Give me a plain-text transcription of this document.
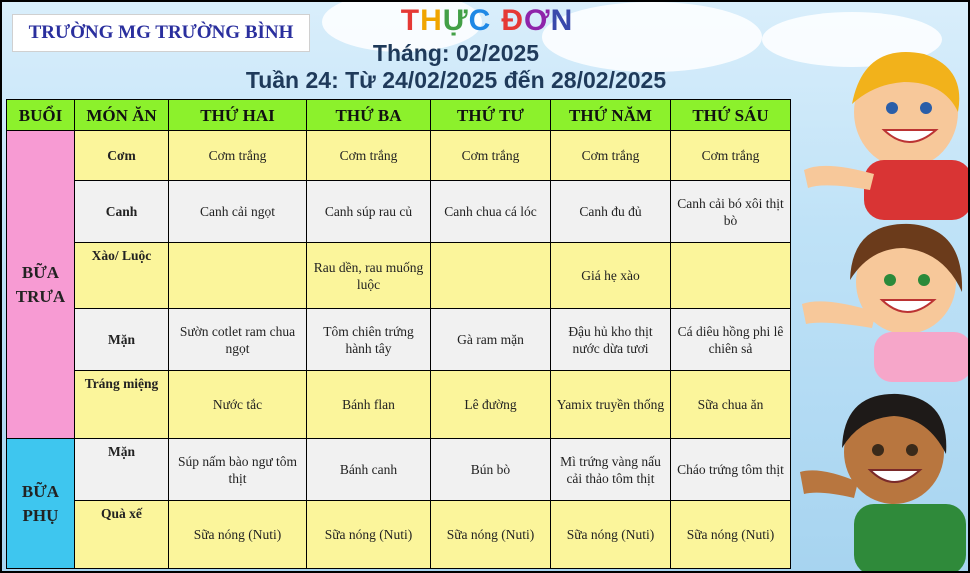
TRƯỜNG MG TRƯỜNG BÌNH	THỰC ĐƠN
Tháng: 02/2025
Tuần 24: Từ 24/02/2025 đến 28/02/2025
BUỔI	MÓN ĂN	THỨ HAI	THỨ BA	THỨ TƯ	THỨ NĂM	THỨ SÁU
BỮA TRƯA	Cơm	Cơm trắng	Cơm trắng	Cơm trắng	Cơm trắng	Cơm trắng
	Canh	Canh cải ngọt	Canh súp rau củ	Canh chua cá lóc	Canh đu đủ	Canh cải bó xôi thịt bò
	Xào/ Luộc		Rau dền, rau muống luộc		Giá hẹ xào	
	Mặn	Sườn cotlet ram chua ngọt	Tôm chiên trứng hành tây	Gà ram mặn	Đậu hủ kho thịt nước dừa tươi	Cá diêu hồng phi lê chiên sả
	Tráng miệng	Nước tắc	Bánh flan	Lê đường	Yamix truyền thống	Sữa chua ăn
BỮA PHỤ	Mặn	Súp nấm bào ngư tôm thịt	Bánh canh	Bún bò	Mì trứng vàng nấu cải thảo tôm thịt	Cháo trứng tôm thịt
	Quà xế	Sữa nóng (Nuti)	Sữa nóng (Nuti)	Sữa nóng (Nuti)	Sữa nóng (Nuti)	Sữa nóng (Nuti)
